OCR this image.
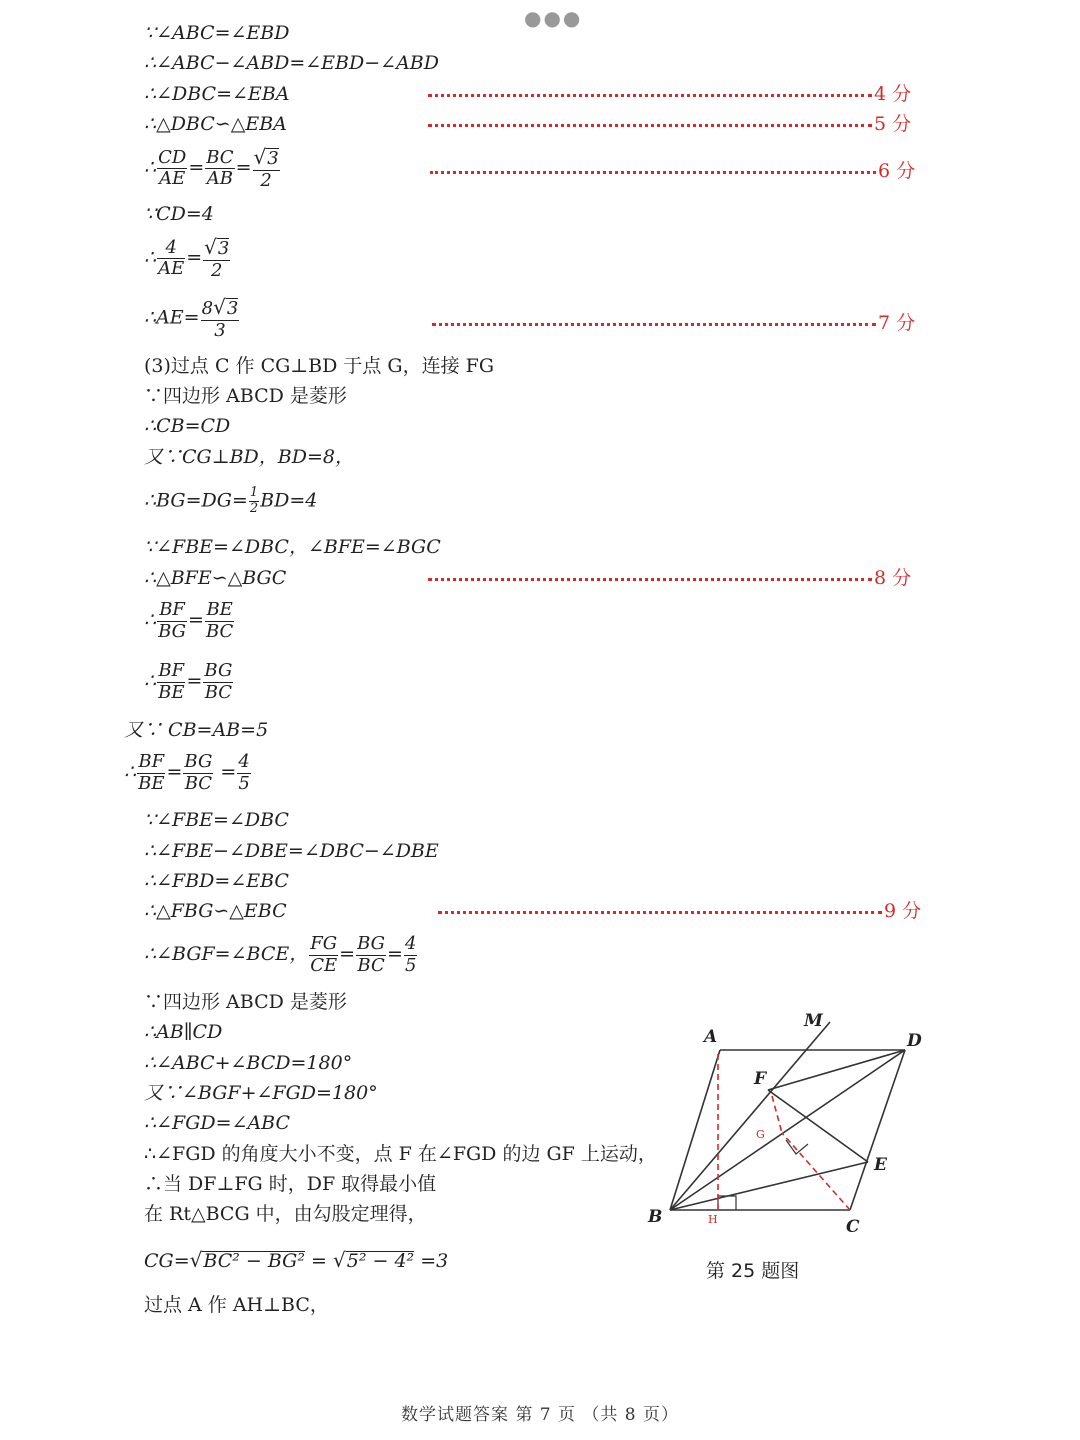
●●●
∵∠ABC=∠EBD
∴∠ABC−∠ABD=∠EBD−∠ABD
∴∠DBC=∠EBA	4 分
∴△DBC∽△EBA	5 分
∴ $\frac{CD}{AE} = \frac{BC}{AB} = \frac{√3}{2}$	6 分
∵CD=4
∴ $\frac{4}{AE} = \frac{√3}{2}$
∴AE= $\frac{8√3}{3}$	7 分
(3)过点 C 作 CG⊥BD 于点 G，连接 FG
∵四边形 ABCD 是菱形
∴CB=CD
又∵CG⊥BD，BD=8，
∴BG=DG= $\frac{1}{2} BD=4$
∵∠FBE=∠DBC，∠BFE=∠BGC
∴△BFE∽△BGC	8 分
∴ $\frac{BF}{BG} = \frac{BE}{BC}$
∴ $\frac{BF}{BE} = \frac{BG}{BC}$
又∵ CB=AB=5
∴ $\frac{BF}{BE} = \frac{BG}{BC} = \frac{4}{5}$
∵∠FBE=∠DBC
∴∠FBE−∠DBE=∠DBC−∠DBE
∴∠FBD=∠EBC
∴△FBG∽△EBC	9 分
∴∠BGF=∠BCE， $\frac{FG}{CE} = \frac{BG}{BC} = \frac{4}{5}$
∵四边形 ABCD 是菱形
∴AB∥CD
∴∠ABC+∠BCD=180°
又∵∠BGF+∠FGD=180°
∴∠FGD=∠ABC
∴∠FGD 的角度大小不变，点 F 在∠FGD 的边 GF 上运动，
∴当 DF⊥FG 时，DF 取得最小值
在 Rt△BCG 中，由勾股定理得，
CG=√BC² − BG² = √5² − 4² =3
过点 A 作 AH⊥BC，
A
B	C
D
E
F
M
G
H
第 25 题图
数学试题答案 第 7 页 （共 8 页）
